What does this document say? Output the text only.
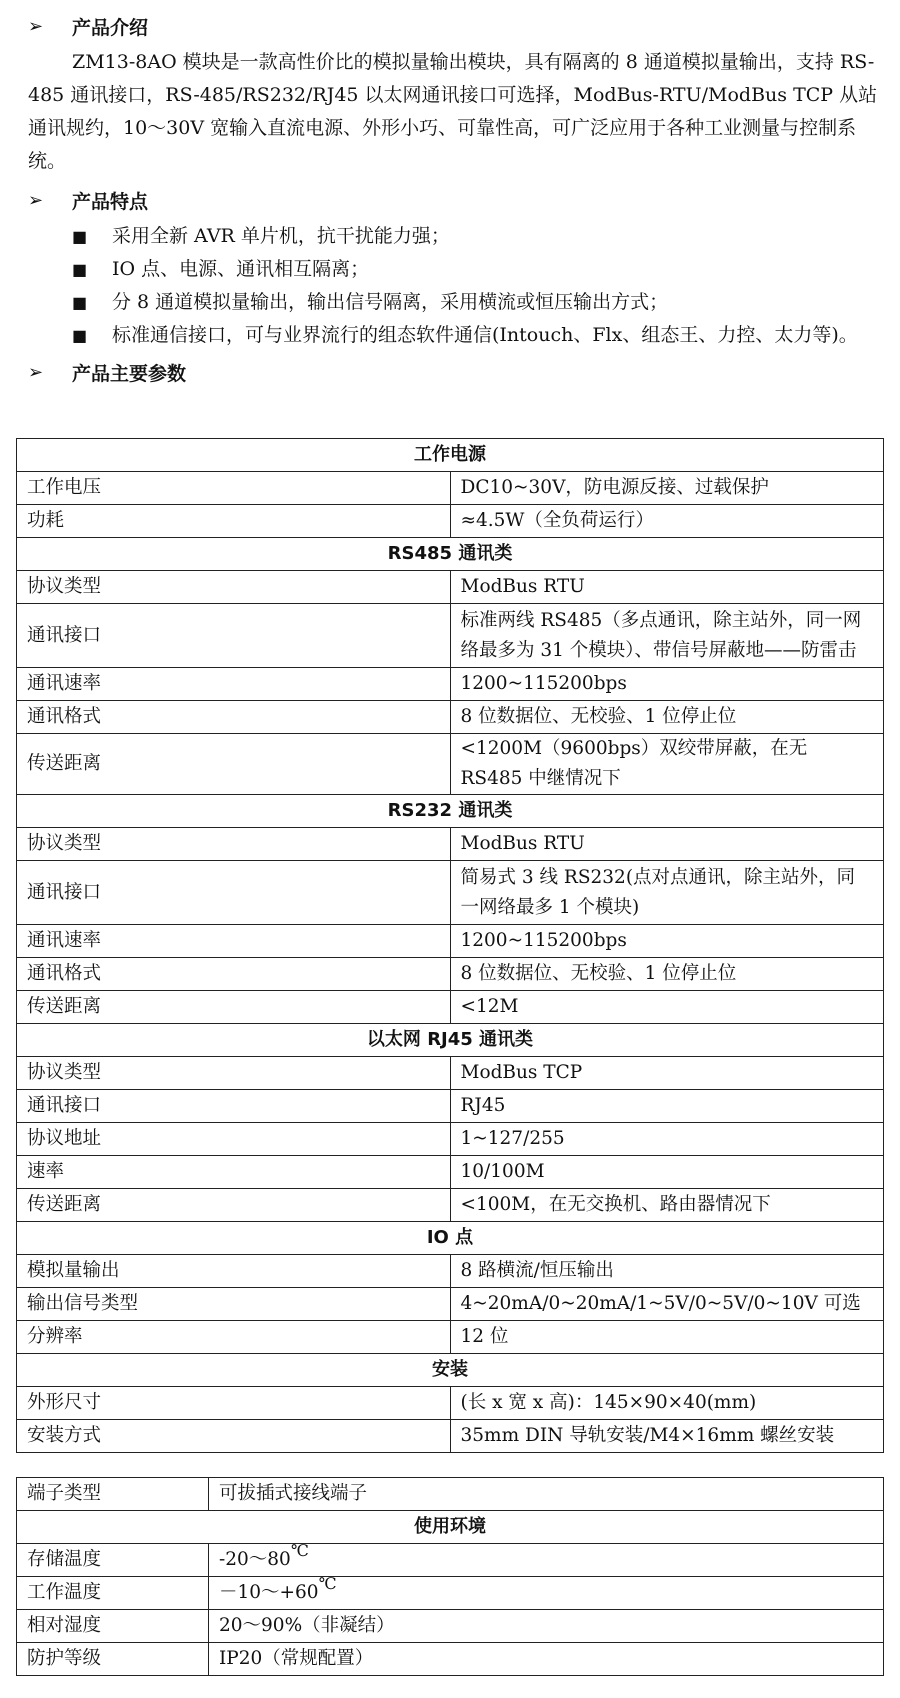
➢	产品介绍

ZM13-8AO 模块是一款高性价比的模拟量输出模块，具有隔离的 8 通道模拟量输出，支持 RS-485 通讯接口，RS-485/RS232/RJ45 以太网通讯接口可选择，ModBus-RTU/ModBus TCP 从站通讯规约，10～30V 宽输入直流电源、外形小巧、可靠性高，可广泛应用于各种工业测量与控制系统。

➢	产品特点
■	采用全新 AVR 单片机，抗干扰能力强；
■	IO 点、电源、通讯相互隔离；
■	分 8 通道模拟量输出，输出信号隔离，采用横流或恒压输出方式；
■	标准通信接口，可与业界流行的组态软件通信(Intouch、Flx、组态王、力控、太力等)。
➢	产品主要参数
工作电源	
工作电压	DC10~30V，防电源反接、过载保护
功耗	≈4.5W（全负荷运行）
RS485 通讯类	
协议类型	ModBus RTU
通讯接口	标准两线 RS485（多点通讯，除主站外，同一网络最多为 31 个模块）、带信号屏蔽地——防雷击
通讯速率	1200~115200bps
通讯格式	8 位数据位、无校验、1 位停止位
传送距离	<1200M（9600bps）双绞带屏蔽，在无 RS485 中继情况下
RS232 通讯类	
协议类型	ModBus RTU
通讯接口	简易式 3 线 RS232(点对点通讯，除主站外，同一网络最多 1 个模块)
通讯速率	1200~115200bps
通讯格式	8 位数据位、无校验、1 位停止位
传送距离	<12M
以太网 RJ45 通讯类	
协议类型	ModBus TCP
通讯接口	RJ45
协议地址	1~127/255
速率	10/100M
传送距离	<100M，在无交换机、路由器情况下
IO 点	
模拟量输出	8 路横流/恒压输出
输出信号类型	4~20mA/0~20mA/1~5V/0~5V/0~10V 可选
分辨率	12 位
安装	
外形尺寸	(长 x 宽 x 高)：145×90×40(mm)
安装方式	35mm DIN 导轨安装/M4×16mm 螺丝安装
端子类型	可拔插式接线端子
使用环境	
存储温度	-20～80℃
工作温度	－10～+60℃
相对湿度	20～90%（非凝结）
防护等级	IP20（常规配置）
